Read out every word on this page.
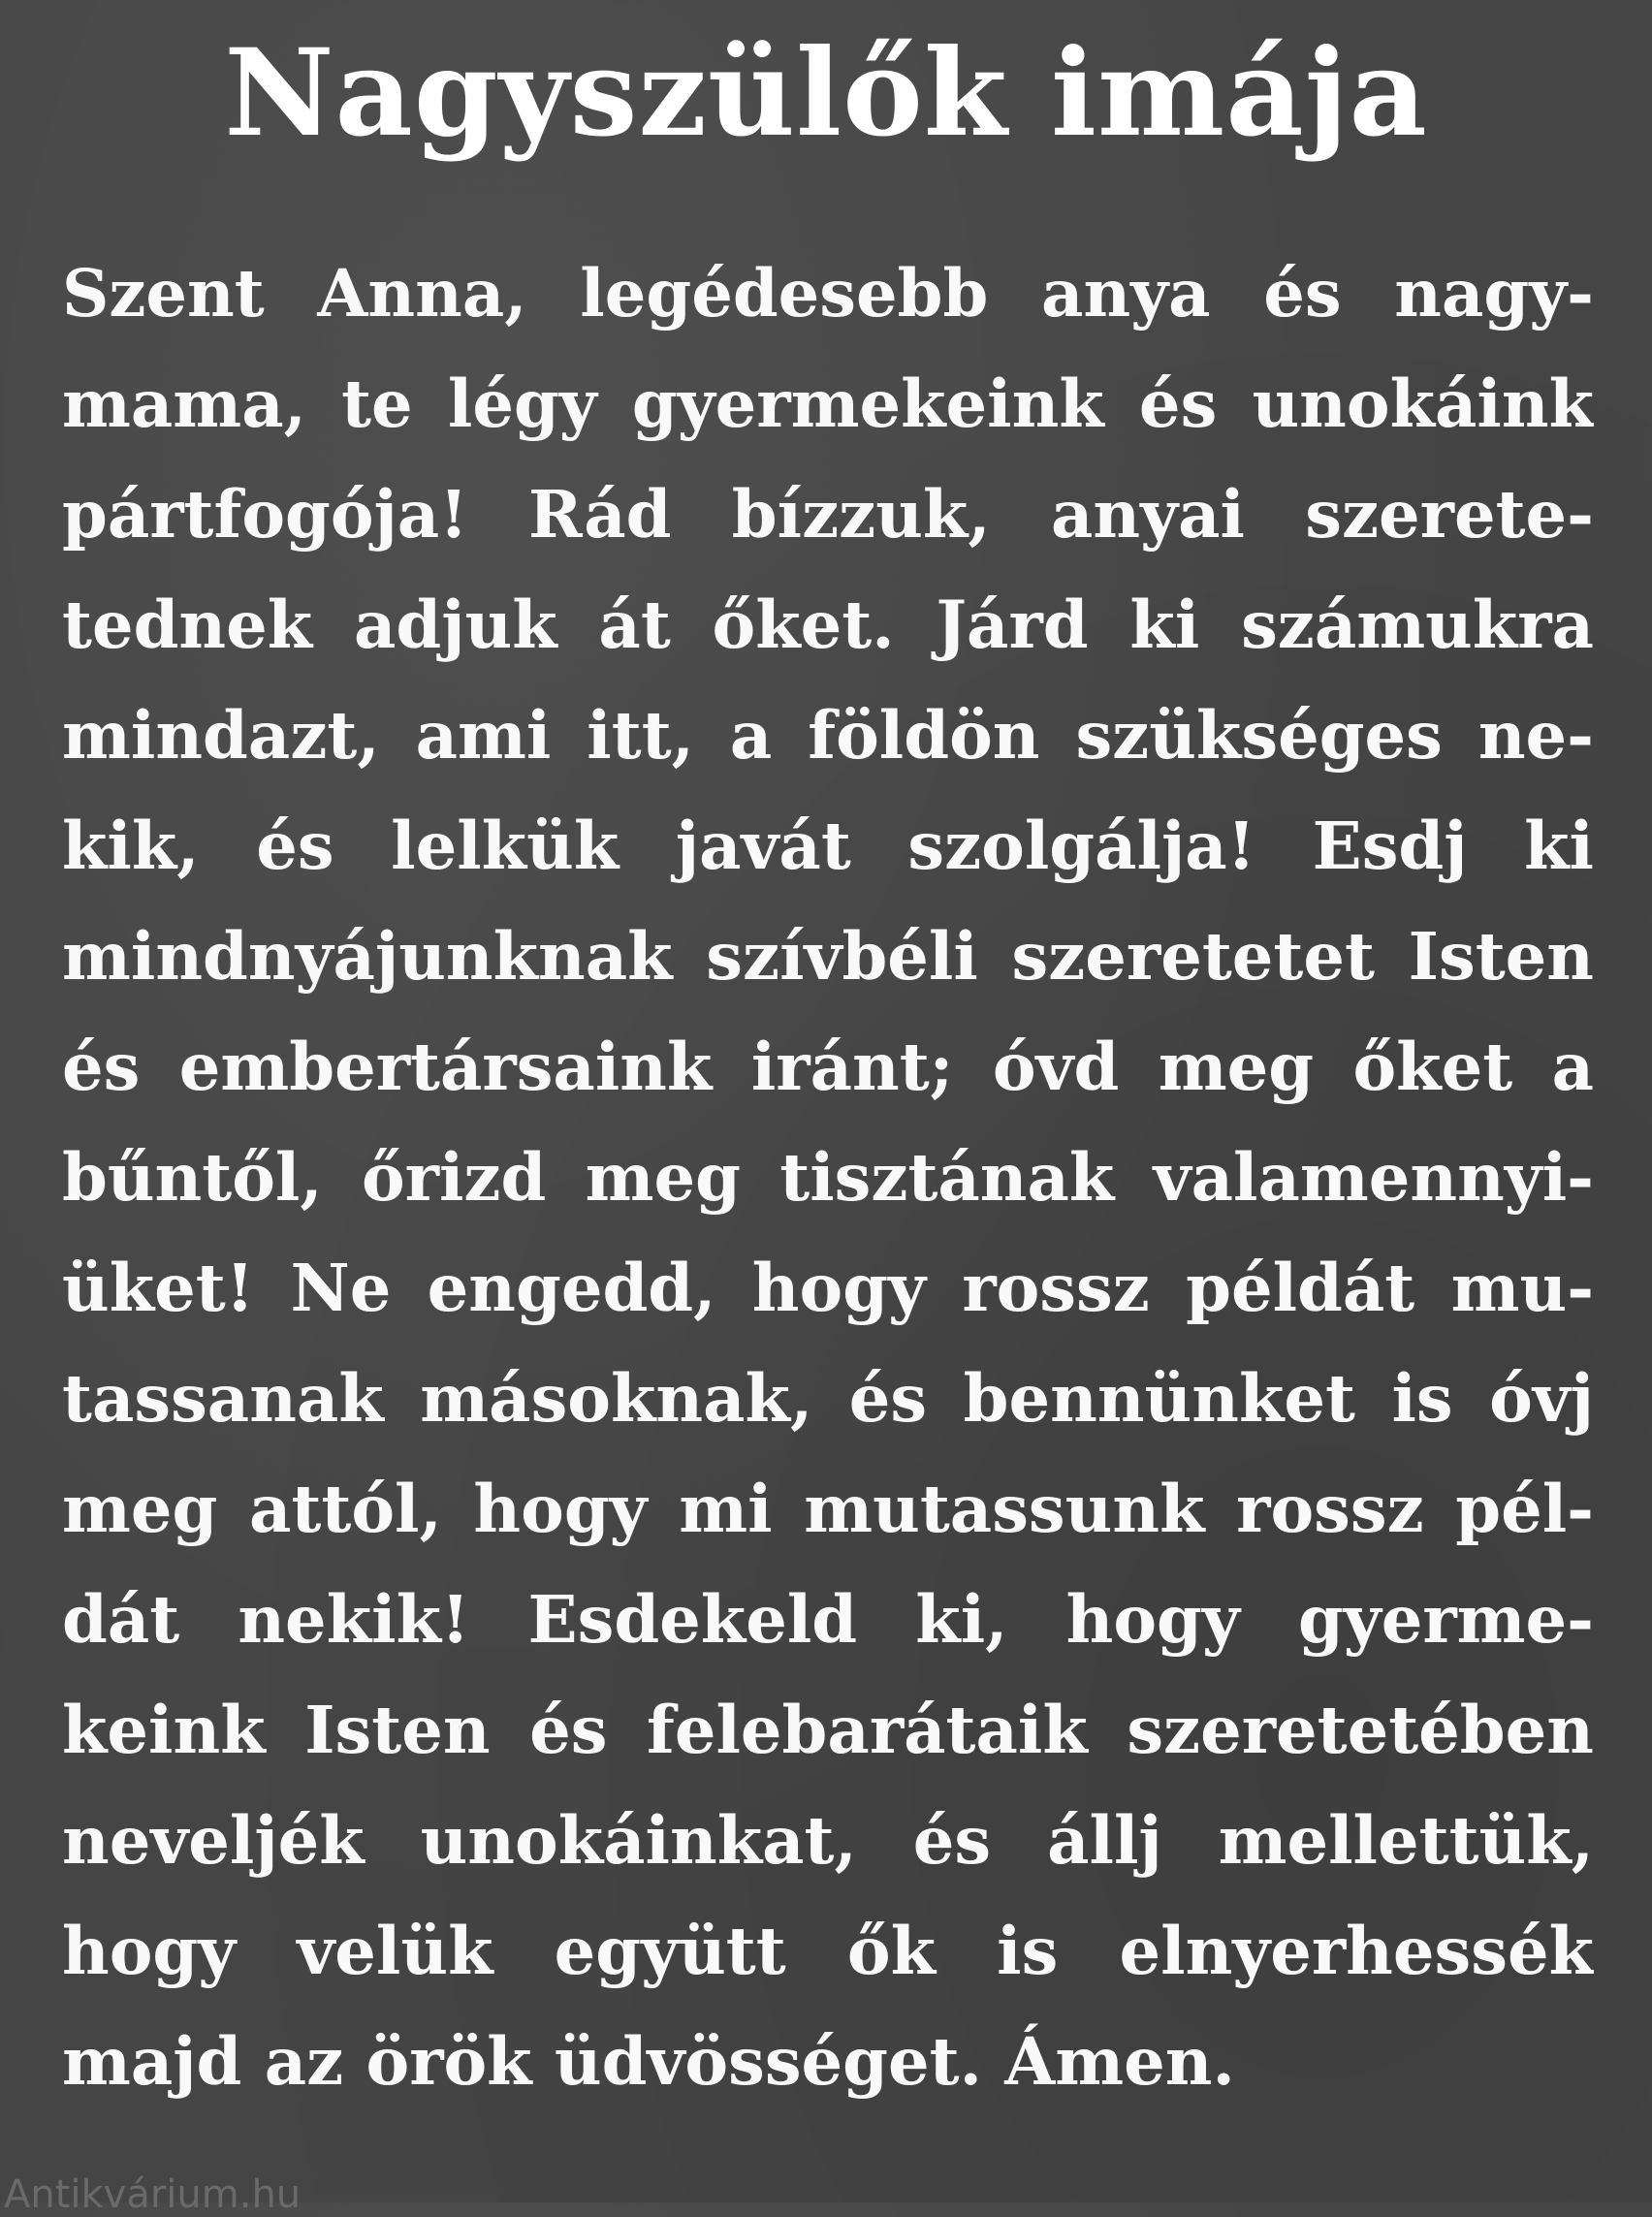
Nagyszülők imája
Szent Anna, legédesebb anya és nagy-
mama, te légy gyermekeink és unokáink
pártfogója! Rád bízzuk, anyai szerete-
tednek adjuk át őket. Járd ki számukra
mindazt, ami itt, a földön szükséges ne-
kik, és lelkük javát szolgálja! Esdj ki
mindnyájunknak szívbéli szeretetet Isten
és embertársaink iránt; óvd meg őket a
bűntől, őrizd meg tisztának valamennyi-
üket! Ne engedd, hogy rossz példát mu-
tassanak másoknak, és bennünket is óvj
meg attól, hogy mi mutassunk rossz pél-
dát nekik! Esdekeld ki, hogy gyerme-
keink Isten és felebarátaik szeretetében
neveljék unokáinkat, és állj mellettük,
hogy velük együtt ők is elnyerhessék
majd az örök üdvösséget. Ámen.
Antikvárium.hu
